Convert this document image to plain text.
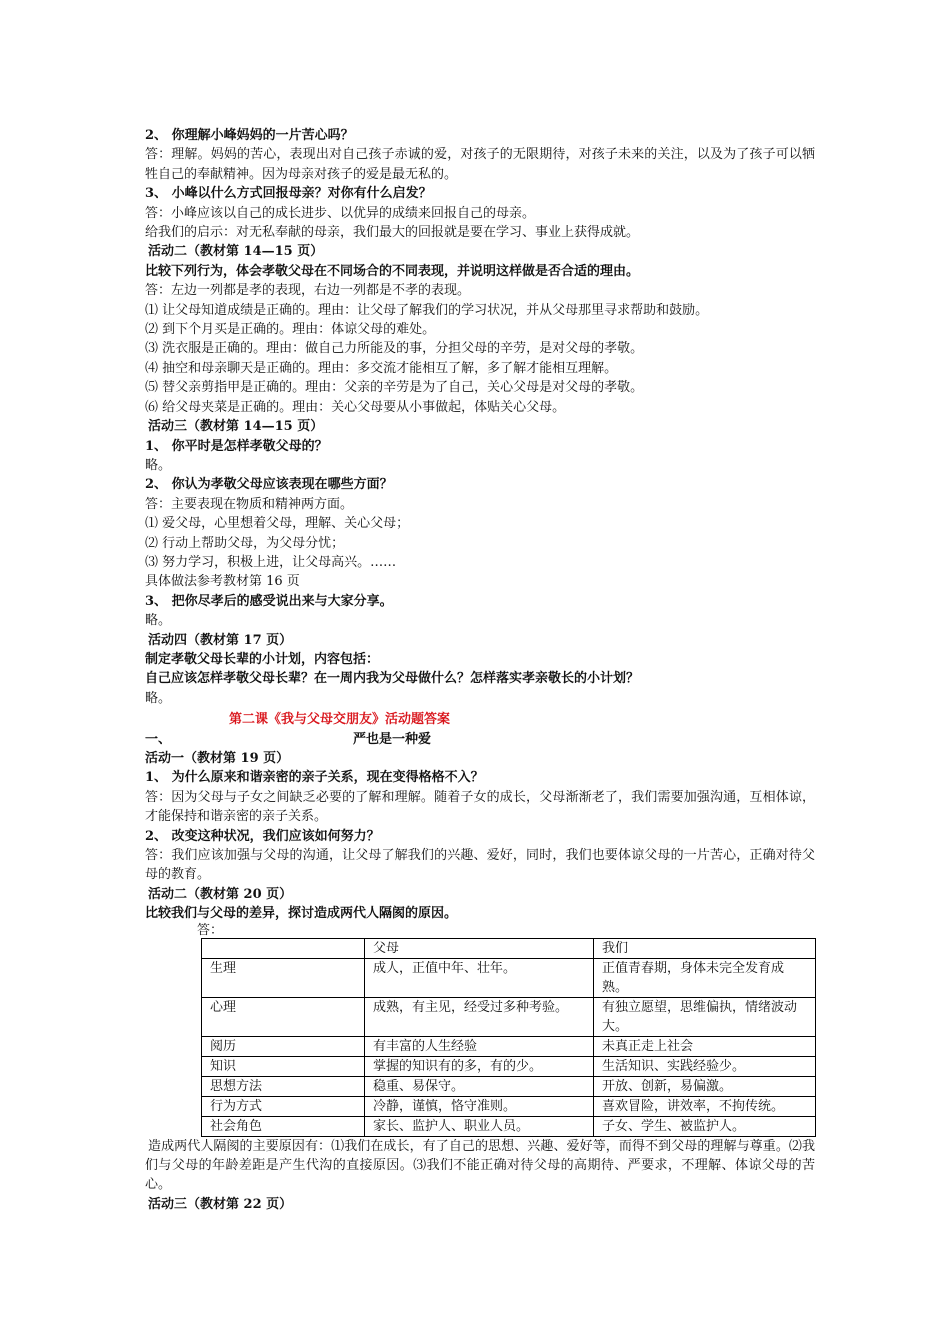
2、 你理解小峰妈妈的一片苦心吗？
答：理解。妈妈的苦心，表现出对自己孩子赤诚的爱，对孩子的无限期待，对孩子未来的关注，以及为了孩子可以牺牲自己的奉献精神。因为母亲对孩子的爱是最无私的。
3、 小峰以什么方式回报母亲？对你有什么启发？
答：小峰应该以自己的成长进步、以优异的成绩来回报自己的母亲。
给我们的启示：对无私奉献的母亲，我们最大的回报就是要在学习、事业上获得成就。
活动二（教材第 14—15 页）
比较下列行为，体会孝敬父母在不同场合的不同表现，并说明这样做是否合适的理由。
答：左边一列都是孝的表现，右边一列都是不孝的表现。
⑴ 让父母知道成绩是正确的。理由：让父母了解我们的学习状况，并从父母那里寻求帮助和鼓励。
⑵ 到下个月买是正确的。理由：体谅父母的难处。
⑶ 洗衣服是正确的。理由：做自己力所能及的事，分担父母的辛劳，是对父母的孝敬。
⑷ 抽空和母亲聊天是正确的。理由：多交流才能相互了解，多了解才能相互理解。
⑸ 替父亲剪指甲是正确的。理由：父亲的辛劳是为了自己，关心父母是对父母的孝敬。
⑹ 给父母夹菜是正确的。理由：关心父母要从小事做起，体贴关心父母。
活动三（教材第 14—15 页）
1、 你平时是怎样孝敬父母的？
略。
2、 你认为孝敬父母应该表现在哪些方面？
答：主要表现在物质和精神两方面。
⑴ 爱父母，心里想着父母，理解、关心父母；
⑵ 行动上帮助父母，为父母分忧；
⑶ 努力学习，积极上进，让父母高兴。……
具体做法参考教材第 16 页
3、 把你尽孝后的感受说出来与大家分享。
略。
活动四（教材第 17 页）
制定孝敬父母长辈的小计划，内容包括：
自己应该怎样孝敬父母长辈？在一周内我为父母做什么？怎样落实孝亲敬长的小计划？
略。
第二课《我与父母交朋友》活动题答案
一、	严也是一种爱
活动一（教材第 19 页）
1、 为什么原来和谐亲密的亲子关系，现在变得格格不入？
答：因为父母与子女之间缺乏必要的了解和理解。随着子女的成长，父母渐渐老了，我们需要加强沟通，互相体谅，才能保持和谐亲密的亲子关系。
2、 改变这种状况，我们应该如何努力？
答：我们应该加强与父母的沟通，让父母了解我们的兴趣、爱好，同时，我们也要体谅父母的一片苦心，正确对待父母的教育。
活动二（教材第 20 页）
比较我们与父母的差异，探讨造成两代人隔阂的原因。
答：
	父母	我们
生理	成人，正值中年、壮年。	正值青春期，身体未完全发育成熟。
心理	成熟，有主见，经受过多种考验。	有独立愿望，思维偏执，情绪波动大。
阅历	有丰富的人生经验	未真正走上社会
知识	掌握的知识有的多，有的少。	生活知识、实践经验少。
思想方法	稳重、易保守。	开放、创新，易偏激。
行为方式	冷静，谨慎，恪守准则。	喜欢冒险，讲效率，不拘传统。
社会角色	家长、监护人、职业人员。	子女、学生、被监护人。
造成两代人隔阂的主要原因有：⑴我们在成长，有了自己的思想、兴趣、爱好等，而得不到父母的理解与尊重。⑵我们与父母的年龄差距是产生代沟的直接原因。⑶我们不能正确对待父母的高期待、严要求，不理解、体谅父母的苦心。
活动三（教材第 22 页）
